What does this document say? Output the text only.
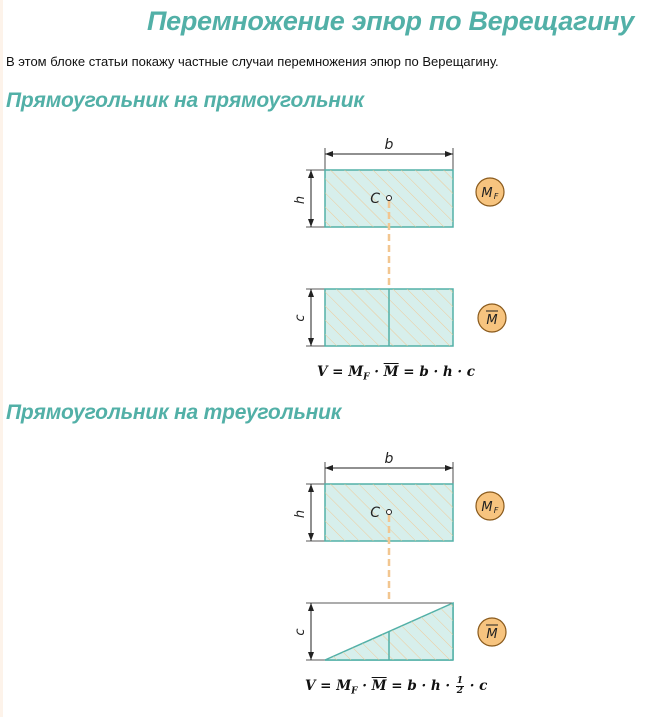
Перемножение эпюр по Верещагину

В этом блоке статьи покажу частные случаи перемножения эпюр по Верещагину.

Прямоугольник на прямоугольник
b
h	C
c
M F
M
$V = M_F \cdot \overline{M} = b \cdot h \cdot c$
Прямоугольник на треугольник
b
h	C
c
M F
M
$V = M_F \cdot \overline{M} = b \cdot h \cdot \frac{1}{2} \cdot c$
